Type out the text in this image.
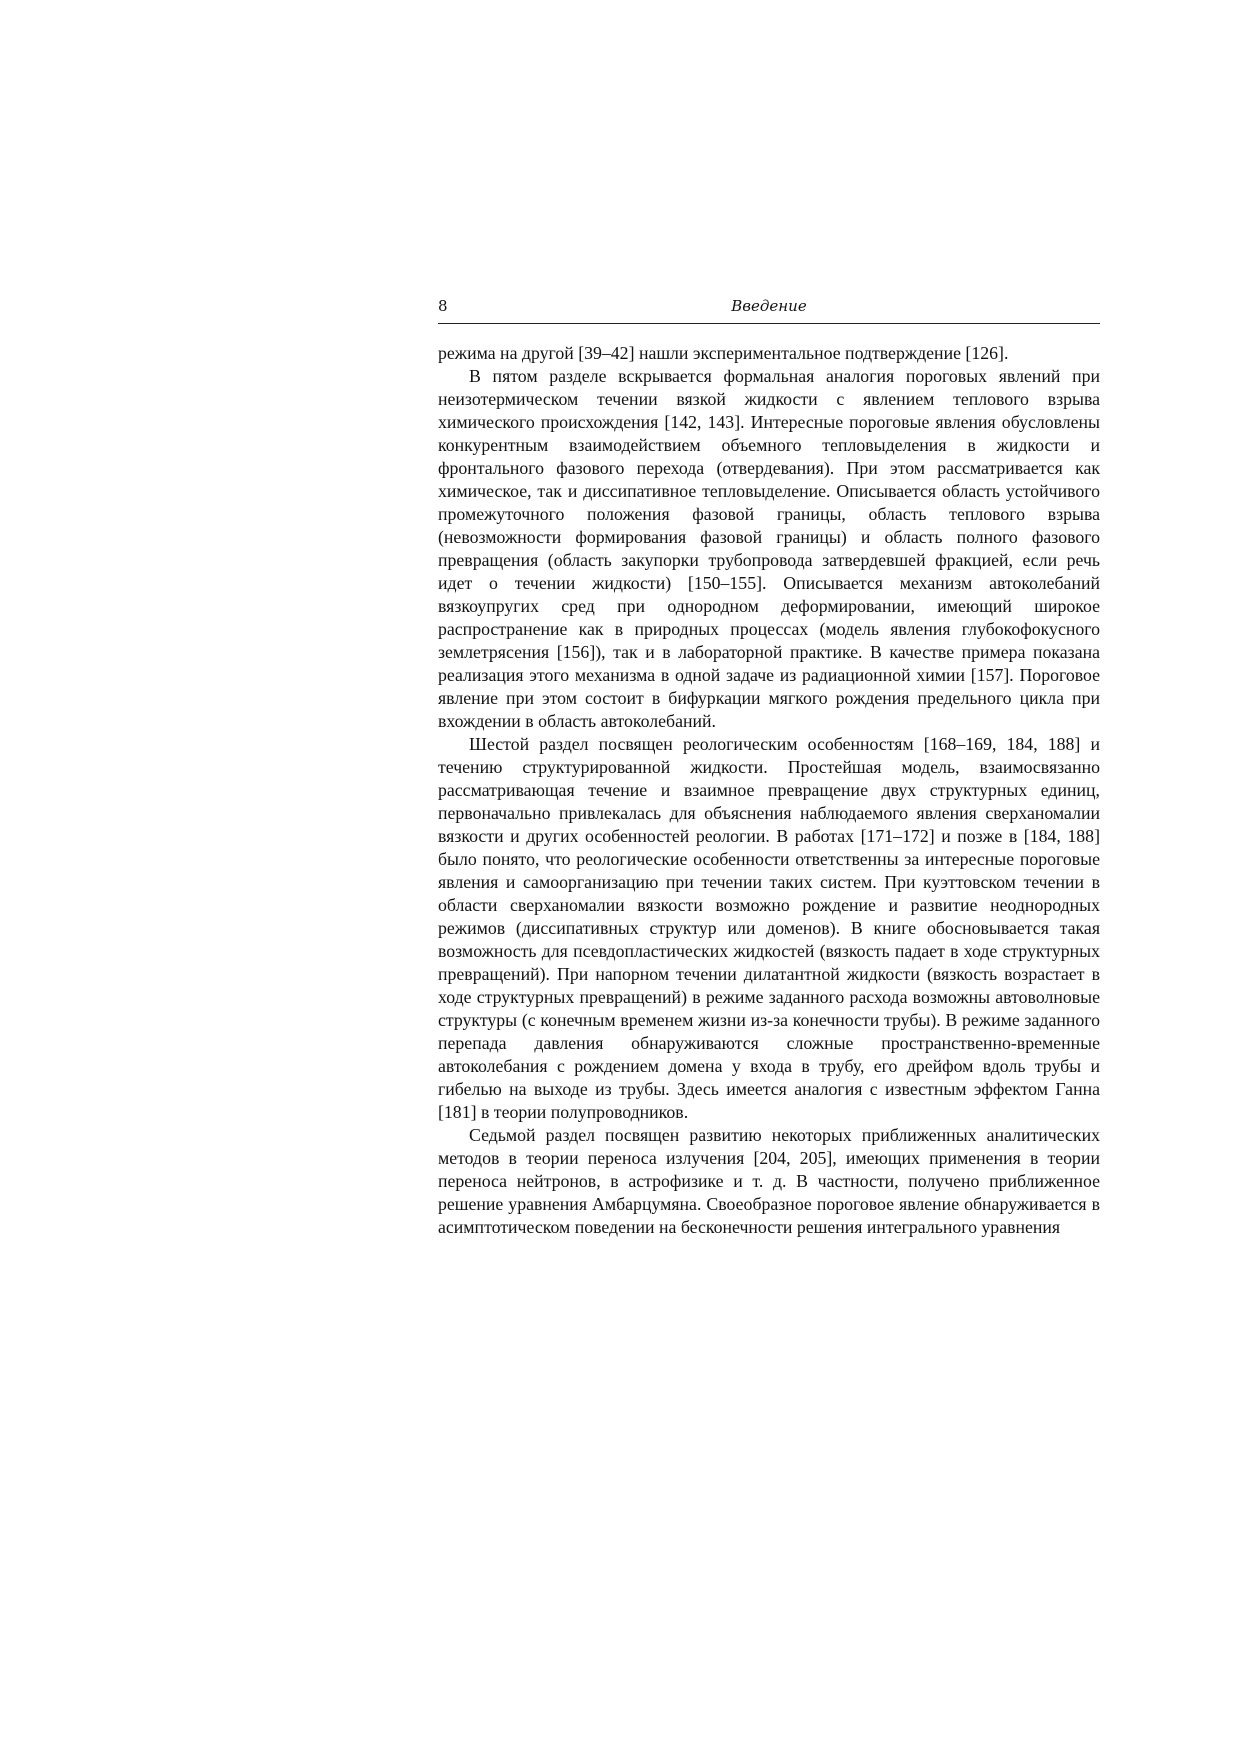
8	Введение

режима на другой [39–42] нашли экспериментальное подтверждение [126].

В пятом разделе вскрывается формальная аналогия пороговых явлений при неизотермическом течении вязкой жидкости с явлением теплового взрыва химического происхождения [142, 143]. Интересные пороговые явления обусловлены конкурентным взаимодействием объемного тепловыделения в жидкости и фронтального фазового перехода (отвердевания). При этом рассматривается как химическое, так и диссипативное тепловыделение. Описывается область устойчивого промежуточного положения фазовой границы, область теплового взрыва (невозможности формирования фазовой границы) и область полного фазового превращения (область закупорки трубопровода затвердевшей фракцией, если речь идет о течении жидкости) [150–155]. Описывается механизм автоколебаний вязкоупругих сред при однородном деформировании, имеющий широкое распространение как в природных процессах (модель явления глубокофокусного землетрясения [156]), так и в лабораторной практике. В качестве примера показана реализация этого механизма в одной задаче из радиационной химии [157]. Пороговое явление при этом состоит в бифуркации мягкого рождения предельного цикла при вхождении в область автоколебаний.

Шестой раздел посвящен реологическим особенностям [168–169, 184, 188] и течению структурированной жидкости. Простейшая модель, взаимосвязанно рассматривающая течение и взаимное превращение двух структурных единиц, первоначально привлекалась для объяснения наблюдаемого явления сверханомалии вязкости и других особенностей реологии. В работах [171–172] и позже в [184, 188] было понято, что реологические особенности ответственны за интересные пороговые явления и самоорганизацию при течении таких систем. При куэттовском течении в области сверханомалии вязкости возможно рождение и развитие неоднородных режимов (диссипативных структур или доменов). В книге обосновывается такая возможность для псевдопластических жидкостей (вязкость падает в ходе структурных превращений). При напорном течении дилатантной жидкости (вязкость возрастает в ходе структурных превращений) в режиме заданного расхода возможны автоволновые структуры (с конечным временем жизни из-за конечности трубы). В режиме заданного перепада давления обнаруживаются сложные пространственно-временные автоколебания с рождением домена у входа в трубу, его дрейфом вдоль трубы и гибелью на выходе из трубы. Здесь имеется аналогия с известным эффектом Ганна [181] в теории полупроводников.

Седьмой раздел посвящен развитию некоторых приближенных аналитических методов в теории переноса излучения [204, 205], имеющих применения в теории переноса нейтронов, в астрофизике и т. д. В частности, получено приближенное решение уравнения Амбарцумяна. Своеобразное пороговое явление обнаруживается в асимптотическом поведении на бесконечности решения интегрального уравнения
